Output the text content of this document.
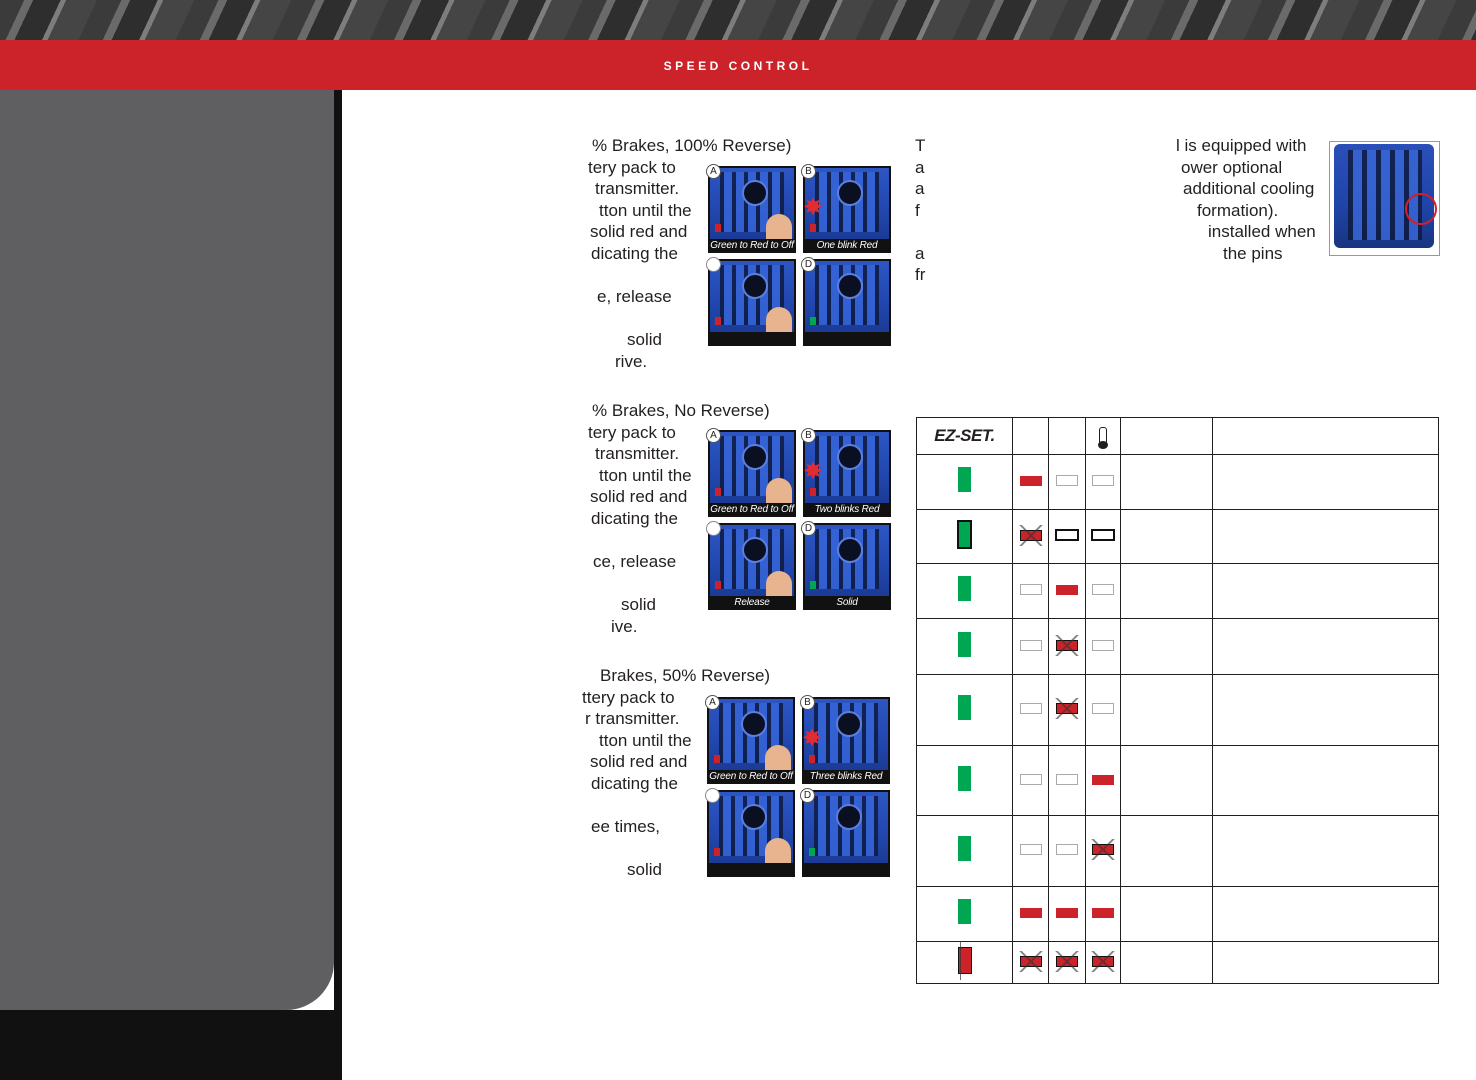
SPEED CONTROL
% Brakes, 100% Reverse)
tery pack to
transmitter.
tton until the
solid red and
dicating the
e, release
solid
rive.
Green to Red to Off
✸
One blink Red
A	B
D
% Brakes, No Reverse)
tery pack to
transmitter.
tton until the
solid red and
dicating the
ce, release
solid
ive.
Green to Red to Off
✸
Two blinks Red
Release	Solid
A	B
D
Brakes, 50% Reverse)
ttery pack to
r transmitter.
tton until the
solid red and
dicating the
ee times,
solid
Green to Red to Off
✸
Three blinks Red
A	B
D
T
a
a
f
a
fr
l is equipped with
ower optional
additional cooling
formation).
installed when
the pins
EZ-SET.					
